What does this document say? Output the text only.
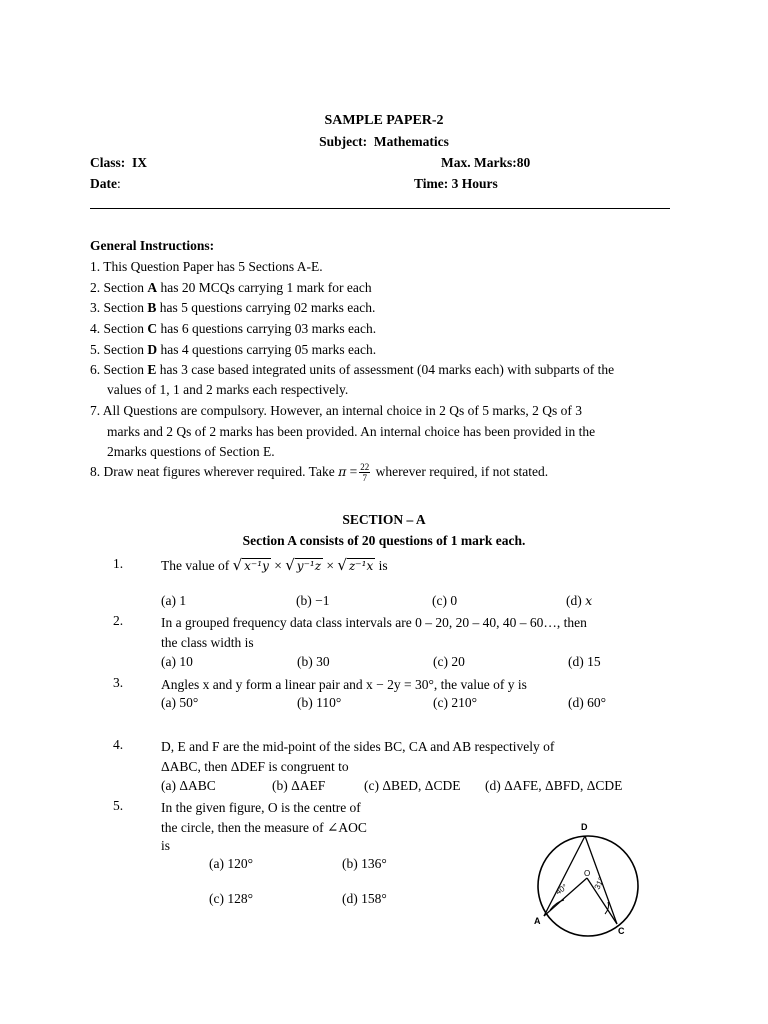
SAMPLE PAPER-2
Subject:  Mathematics
Class: IX	Max. Marks:80
Date:	Time: 3 Hours
General Instructions:
1. This Question Paper has 5 Sections A-E.
2. Section A has 20 MCQs carrying 1 mark for each
3. Section B has 5 questions carrying 02 marks each.
4. Section C has 6 questions carrying 03 marks each.
5. Section D has 4 questions carrying 05 marks each.
6. Section E has 3 case based integrated units of assessment (04 marks each) with subparts of the
values of 1, 1 and 2 marks each respectively.
7. All Questions are compulsory. However, an internal choice in 2 Qs of 5 marks, 2 Qs of 3
marks and 2 Qs of 2 marks has been provided. An internal choice has been provided in the
2marks questions of Section E.
8. Draw neat figures wherever required. Take $\pi = \frac{22}{7}$ wherever required, if not stated.
SECTION – A
Section A consists of 20 questions of 1 mark each.
1.	The value of √ x⁻¹y × √ y⁻¹z × √ z⁻¹x is
(a) 1	(b) −1	(c) 0	(d) x
2.	In a grouped frequency data class intervals are 0 – 20, 20 – 40, 40 – 60…, then
the class width is
(a) 10	(b) 30	(c) 20	(d) 15
3.	Angles x and y form a linear pair and x − 2y = 30°, the value of y is
(a) 50°	(b) 110°	(c) 210°	(d) 60°
4.	D, E and F are the mid-point of the sides BC, CA and AB respectively of
ΔABC, then ΔDEF is congruent to
(a) ΔABC	(b) ΔAEF	(c) ΔBED, ΔCDE (d) ΔAFE, ΔBFD, ΔCDE
5.	In the given figure, O is the centre of
the circle, then the measure of ∠AOC
is
(a) 120°	(b) 136°
(c) 128°	(d) 158°
D
O
A
C
40°	31°
